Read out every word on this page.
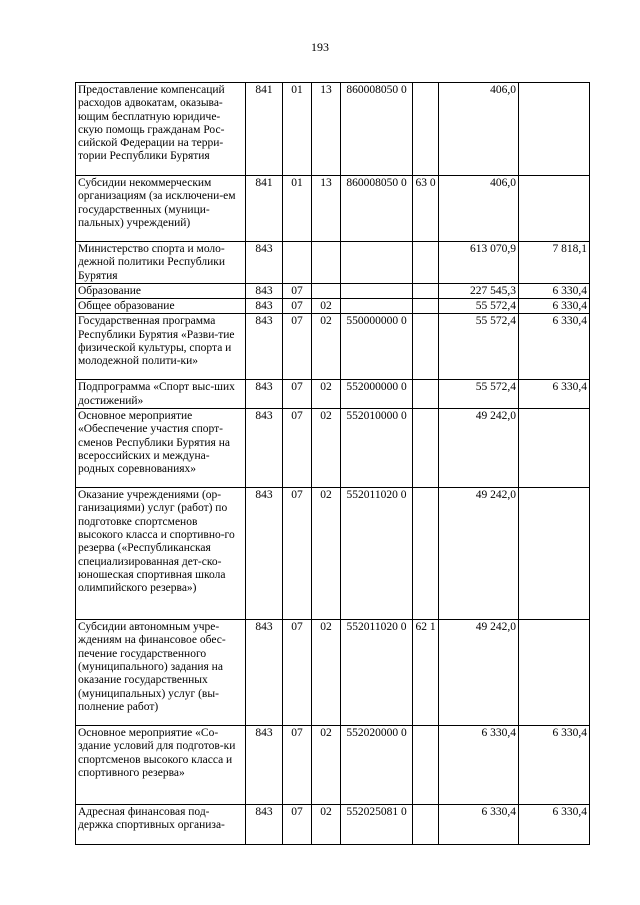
193
Предоставление компенсаций расходов адвокатам, оказыва-ющим бесплатную юридиче-скую помощь гражданам Рос-сийской Федерации на терри-тории Республики Бурятия	841	01	13	860008050 0		406,0	
Субсидии некоммерческим организациям (за исключени-ем государственных (муници-пальных) учреждений)	841	01	13	860008050 0	63 0	406,0	
Министерство спорта и моло-дежной политики Республики Бурятия	843					613 070,9	7 818,1
Образование	843	07				227 545,3	6 330,4
Общее образование	843	07	02			55 572,4	6 330,4
Государственная программа Республики Бурятия «Разви-тие физической культуры, спорта и молодежной полити-ки»	843	07	02	550000000 0		55 572,4	6 330,4
Подпрограмма «Спорт выс-ших достижений»	843	07	02	552000000 0		55 572,4	6 330,4
Основное мероприятие «Обеспечение участия спорт-сменов Республики Бурятия на всероссийских и междуна-родных соревнованиях»	843	07	02	552010000 0		49 242,0	
Оказание учреждениями (ор-ганизациями) услуг (работ) по подготовке спортсменов высокого класса и спортивно-го резерва («Республиканская специализированная дет-ско-юношеская спортивная школа олимпийского резерва»)	843	07	02	552011020 0		49 242,0	
Субсидии автономным учре-ждениям на финансовое обес-печение государственного (муниципального) задания на оказание государственных (муниципальных) услуг (вы-полнение работ)	843	07	02	552011020 0	62 1	49 242,0	
Основное мероприятие «Со-здание условий для подготов-ки спортсменов высокого класса и спортивного резерва»	843	07	02	552020000 0		6 330,4	6 330,4
Адресная финансовая под-держка спортивных организа-	843	07	02	552025081 0		6 330,4	6 330,4
